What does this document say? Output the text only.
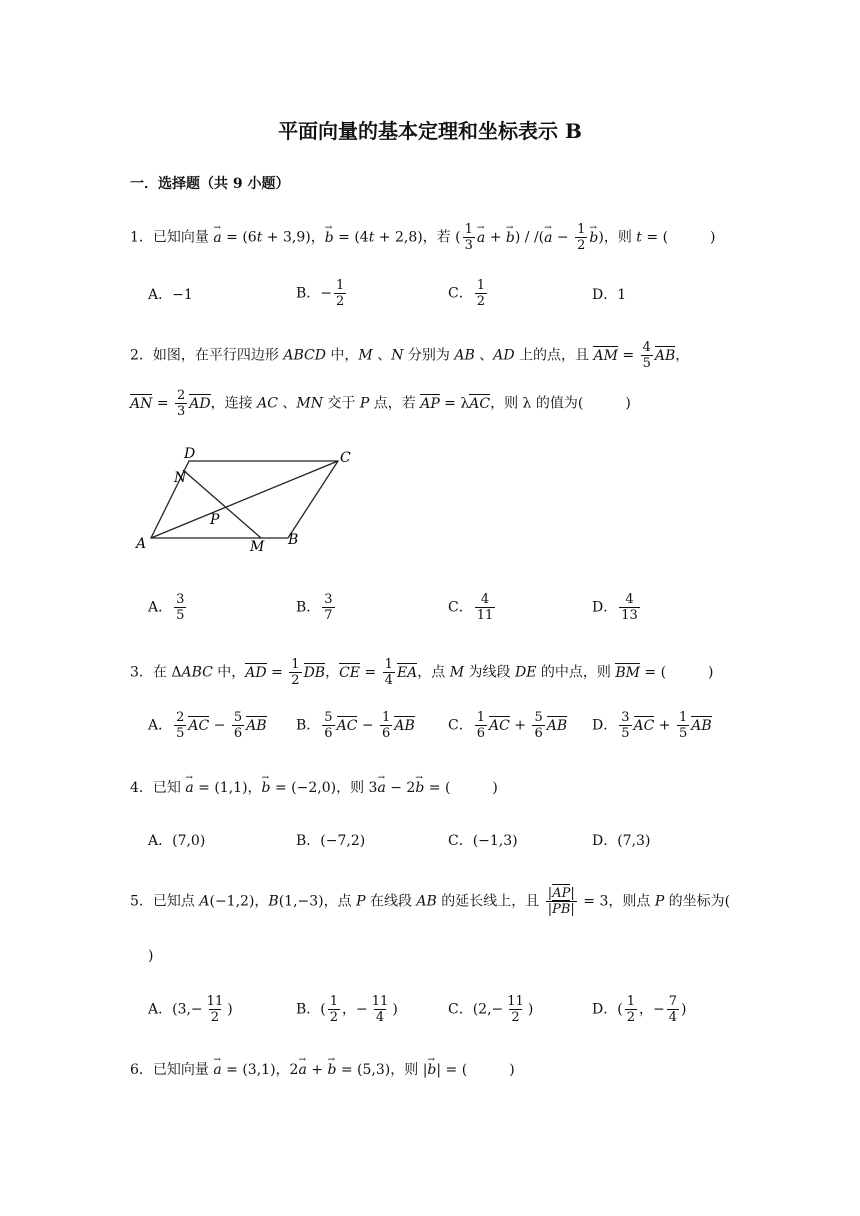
平面向量的基本定理和坐标表示 B
一．选择题（共 9 小题）
1．已知向量 → a = (6t + 3,9)，→ b = (4t + 2,8)，若 ( $\frac{1}{3}$
→ a + → b) / /(→ $a - \frac{1}{2}$
→ b)，则 t = (　　　)
A．−1	B．− $\frac{1}{2}$	C． $\frac{1}{2}$	D．1
2．如图，在平行四边形 ABCD 中，M 、N 分别为 AB 、AD 上的点，且 AM = $\frac{4}{5}$ AB，
AN = $\frac{2}{3}$ AD，连接 AC 、MN 交于 P 点，若 AP = λAC，则 λ 的值为(　　　)
D	C
N
P
A	M B
A． $\frac{3}{5}$	B． $\frac{3}{7}$	C． $\frac{4}{11}$	D． $\frac{4}{13}$
3．在 ΔABC 中，AD = $\frac{1}{2}$ DB，CE = $\frac{1}{4}$ EA，点 M 为线段 DE 的中点，则 BM = (　　　)
A． $\frac{2}{5}$ AC − $\frac{5}{6}$ AB B． $\frac{5}{6}$ AC − $\frac{1}{6}$ AB C． $\frac{1}{6}$ AC + $\frac{5}{6}$ AB D． $\frac{3}{5}$ AC + $\frac{1}{5}$ AB
4．已知 → a = (1,1)，→ b = (−2,0)，则 3→ a − 2→ b = (　　　)
A．(7,0)	B．(−7,2)	C．(−1,3)	D．(7,3)
5．已知点 A(−1,2)，B(1,−3)，点 P 在线段 AB 的延长线上，且 $\frac{|AP|}{|PB|} = 3$，则点 P 的坐标为(
)
A．($3,- \frac{11}{2}$ )	B．( $\frac{1}{2}$ ，− $\frac{11}{4}$ )	C．($2,- \frac{11}{2}$ )	D．( $\frac{1}{2}$ ，− $\frac{7}{4}$ )
6．已知向量 → a = (3,1)，2→ a + → b = (5,3)，则 |→ b| = (　　　)
